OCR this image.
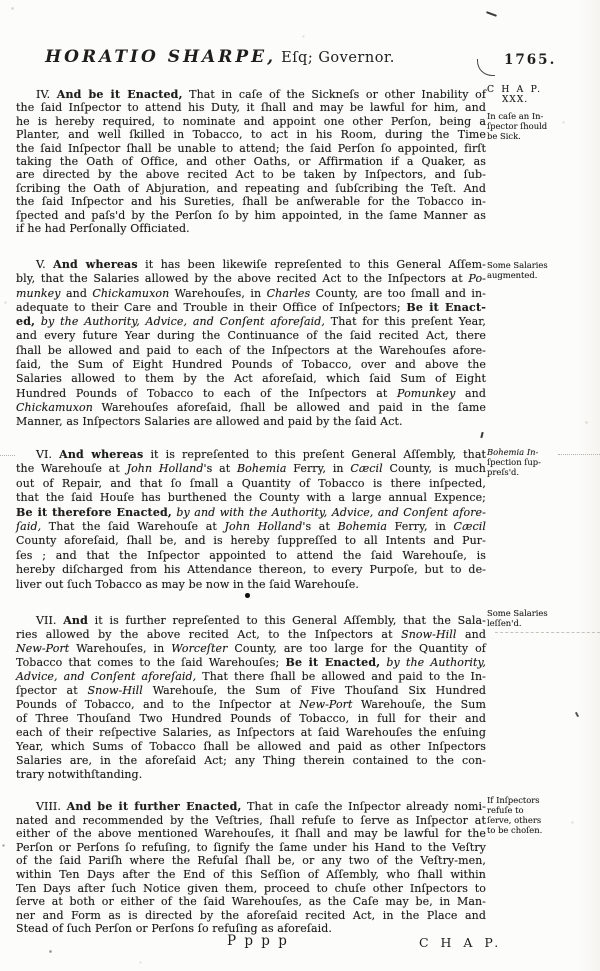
HORATIO SHARPE, Eſq; Governor.	1765.
P p p p	C H A P.
IV. And be it Enacted, That in caſe of the Sickneſs or other Inability of
the ſaid Inſpector to attend his Duty, it ſhall and may be lawful for him, and
he is hereby required, to nominate and appoint one other Perſon, being a
Planter, and well ſkilled in Tobacco, to act in his Room, during the Time
the ſaid Inſpector ſhall be unable to attend; the ſaid Perſon ſo appointed, firſt
taking the Oath of Office, and other Oaths, or Affirmation if a Quaker, as
are directed by the above recited Act to be taken by Inſpectors, and ſub-
ſcribing the Oath of Abjuration, and repeating and ſubſcribing the Teſt. And
the ſaid Inſpector and his Sureties, ſhall be anſwerable for the Tobacco in-
ſpected and paſs'd by the Perſon ſo by him appointed, in the ſame Manner as
if he had Perſonally Officiated.
C H A P.
XXX.
In caſe an In-
ſpector ſhould
be Sick.
V. And whereas it has been likewiſe repreſented to this General Aſſem-
bly, that the Salaries allowed by the above recited Act to the Inſpectors at Po-
munkey and Chickamuxon Warehouſes, in Charles County, are too ſmall and in-
adequate to their Care and Trouble in their Office of Inſpectors; Be it Enact-
ed, by the Authority, Advice, and Conſent aforeſaid, That for this preſent Year,
and every future Year during the Continuance of the ſaid recited Act, there
ſhall be allowed and paid to each of the Inſpectors at the Warehouſes afore-
ſaid, the Sum of Eight Hundred Pounds of Tobacco, over and above the
Salaries allowed to them by the Act aforeſaid, which ſaid Sum of Eight
Hundred Pounds of Tobacco to each of the Inſpectors at Pomunkey and
Chickamuxon Warehouſes aforeſaid, ſhall be allowed and paid in the ſame
Manner, as Inſpectors Salaries are allowed and paid by the ſaid Act.
Some Salaries
augmented.
VI. And whereas it is repreſented to this preſent General Aſſembly, that
the Warehouſe at John Holland's at Bohemia Ferry, in Cæcil County, is much
out of Repair, and that ſo ſmall a Quantity of Tobacco is there inſpected,
that the ſaid Houſe has burthened the County with a large annual Expence;
Be it therefore Enacted, by and with the Authority, Advice, and Conſent afore-
ſaid, That the ſaid Warehouſe at John Holland's at Bohemia Ferry, in Cæcil
County aforeſaid, ſhall be, and is hereby ſuppreſſed to all Intents and Pur-
ſes ; and that the Inſpector appointed to attend the ſaid Warehouſe, is
hereby diſcharged from his Attendance thereon, to every Purpoſe, but to de-
liver out ſuch Tobacco as may be now in the ſaid Warehouſe.
Bohemia In-
ſpection ſup-
preſs'd.
VII. And it is further repreſented to this General Aſſembly, that the Sala-
ries allowed by the above recited Act, to the Inſpectors at Snow-Hill and
New-Port Warehouſes, in Worceſter County, are too large for the Quantity of
Tobacco that comes to the ſaid Warehouſes; Be it Enacted, by the Authority,
Advice, and Conſent aforeſaid, That there ſhall be allowed and paid to the In-
ſpector at Snow-Hill Warehouſe, the Sum of Five Thouſand Six Hundred
Pounds of Tobacco, and to the Inſpector at New-Port Warehouſe, the Sum
of Three Thouſand Two Hundred Pounds of Tobacco, in full for their and
each of their reſpective Salaries, as Inſpectors at ſaid Warehouſes the enſuing
Year, which Sums of Tobacco ſhall be allowed and paid as other Inſpectors
Salaries are, in the aforeſaid Act; any Thing therein contained to the con-
trary notwithſtanding.
Some Salaries
leſſen'd.
VIII. And be it further Enacted, That in caſe the Inſpector already nomi-
nated and recommended by the Veſtries, ſhall refuſe to ſerve as Inſpector at
either of the above mentioned Warehouſes, it ſhall and may be lawful for the
Perſon or Perſons ſo refuſing, to ſignify the ſame under his Hand to the Veſtry
of the ſaid Pariſh where the Refuſal ſhall be, or any two of the Veſtry-men,
within Ten Days after the End of this Seſſion of Aſſembly, who ſhall within
Ten Days after ſuch Notice given them, proceed to chuſe other Inſpectors to
ſerve at both or either of the ſaid Warehouſes, as the Caſe may be, in Man-
ner and Form as is directed by the aforeſaid recited Act, in the Place and
Stead of ſuch Perſon or Perſons ſo refuſing as aforeſaid.
If Inſpectors
refuſe to
ſerve, others
to be choſen.
